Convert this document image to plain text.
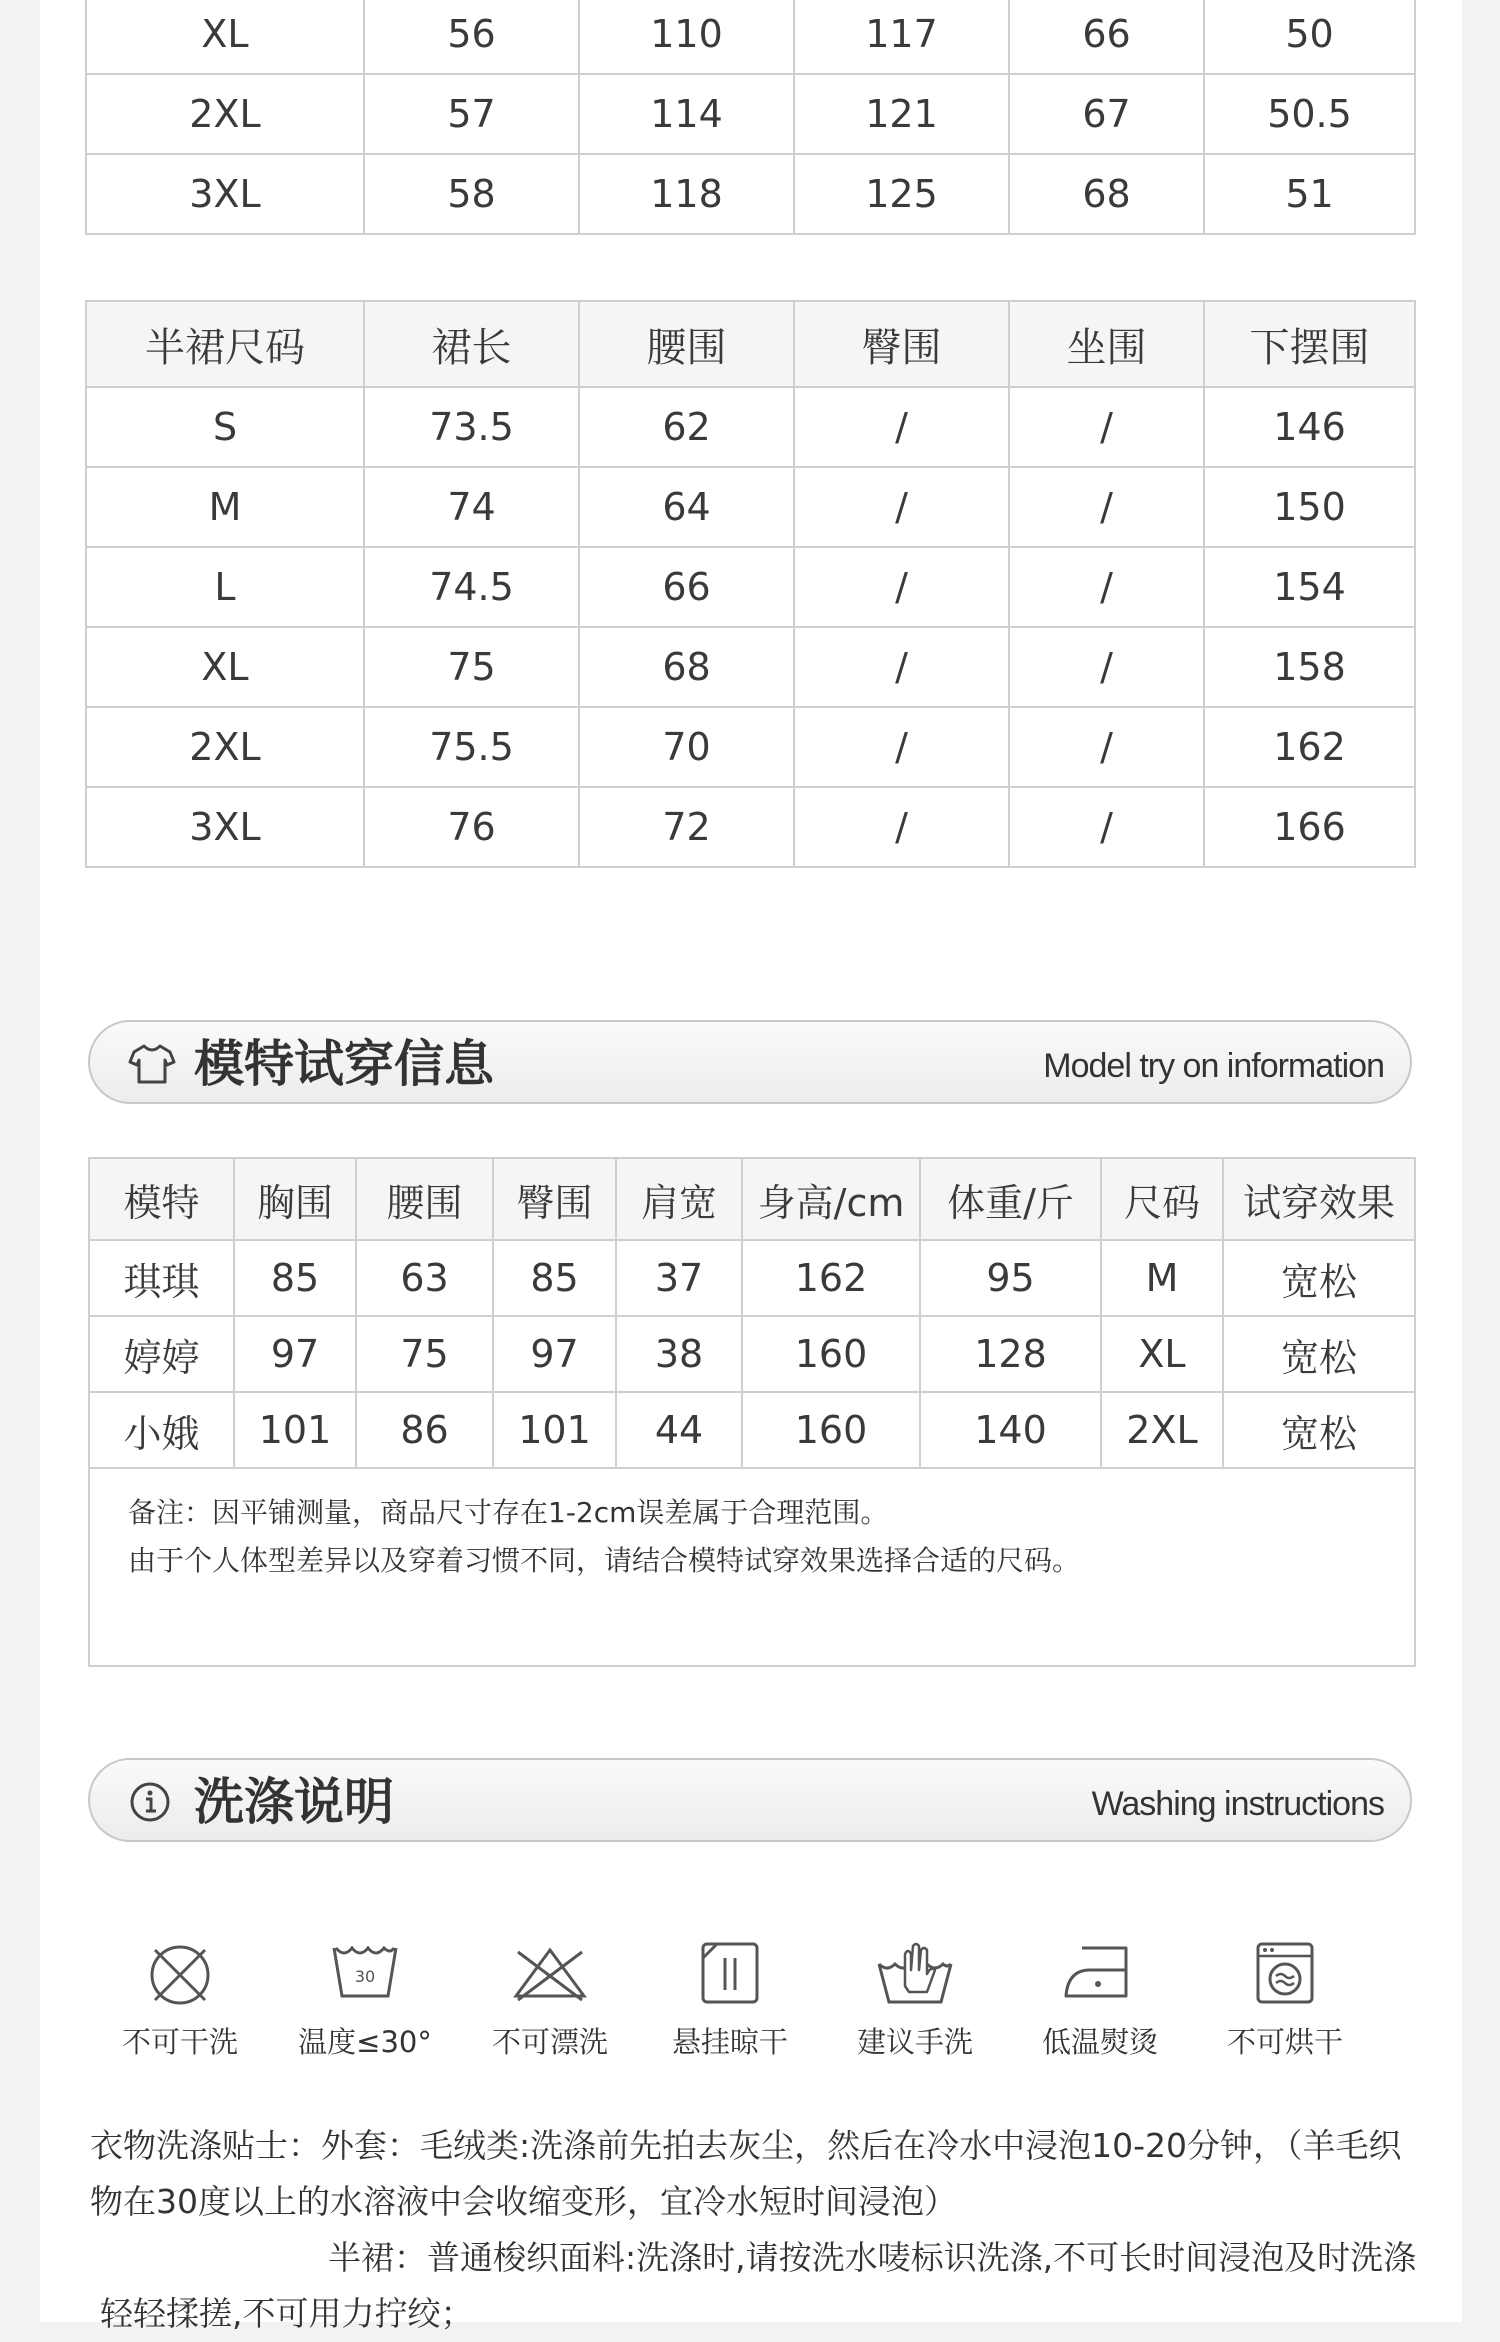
XL	56	110	117	66	50
2XL	57	114	121	67	50.5
3XL	58	118	125	68	51
半裙尺码	裙长	腰围	臀围	坐围	下摆围
S	73.5	62	/	/	146
M	74	64	/	/	150
L	74.5	66	/	/	154
XL	75	68	/	/	158
2XL	75.5	70	/	/	162
3XL	76	72	/	/	166
模特试穿信息	Model try on information
模特	胸围	腰围	臀围	肩宽	身高/cm	体重/斤	尺码	试穿效果
琪琪	85	63	85	37	162	95	M	宽松
婷婷	97	75	97	38	160	128	XL	宽松
小娥	101	86	101	44	160	140	2XL	宽松

备注：因平铺测量，商品尺寸存在1-2cm误差属于合理范围。
由于个人体型差异以及穿着习惯不同，请结合模特试穿效果选择合适的尺码。								
洗涤说明	Washing instructions
不可干洗
30
温度≤30°	不可漂洗	悬挂晾干	建议手洗	低温熨烫	不可烘干

衣物洗涤贴士：外套：毛绒类:洗涤前先拍去灰尘，然后在冷水中浸泡10-20分钟，（羊毛织

物在30度以上的水溶液中会收缩变形，宜冷水短时间浸泡）

半裙：普通梭织面料:洗涤时,请按洗水唛标识洗涤,不可长时间浸泡及时洗涤

轻轻揉搓,不可用力拧绞；
